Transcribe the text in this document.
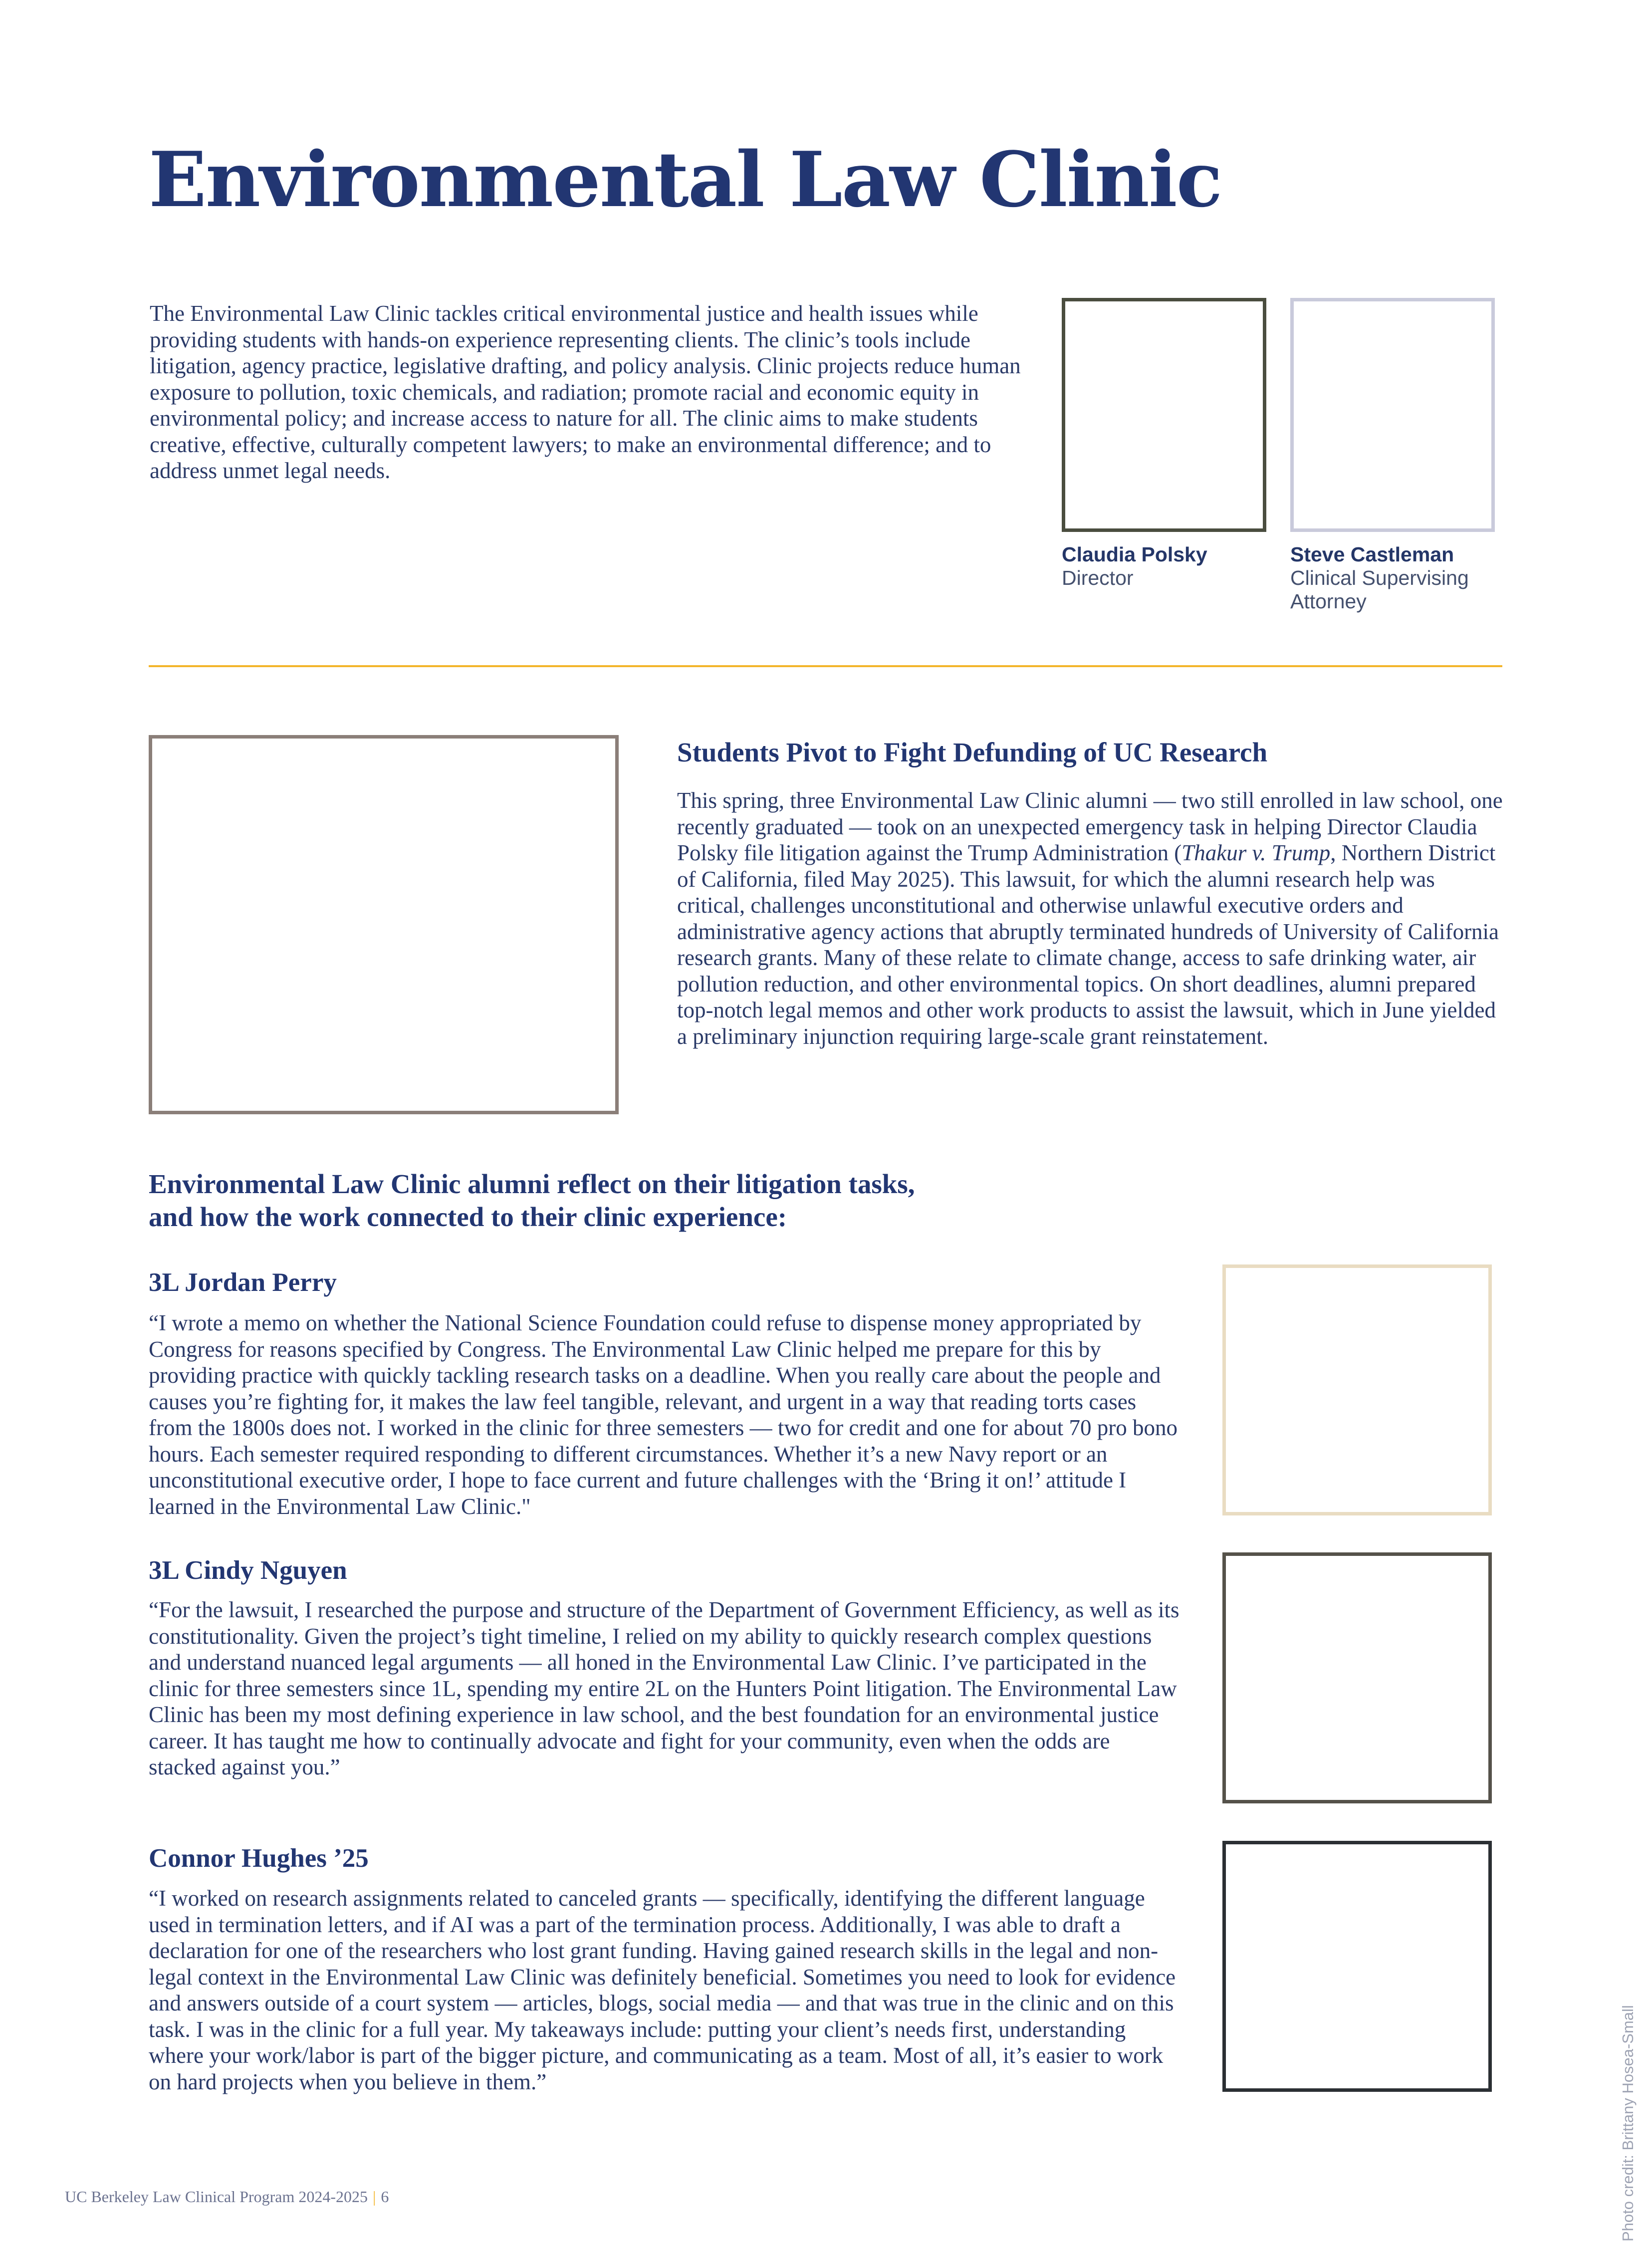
Environmental Law Clinic

The Environmental Law Clinic tackles critical environmental justice and health issues while providing students with hands-on experience representing clients. The clinic’s tools include litigation, agency practice, legislative drafting, and policy analysis. Clinic projects reduce human exposure to pollution, toxic chemicals, and radiation; promote racial and economic equity in environmental policy; and increase access to nature for all. The clinic aims to make students creative, effective, culturally competent lawyers; to make an environmental difference; and to address unmet legal needs.

Claudia Polsky

Director

Steve Castleman

Clinical Supervising Attorney

Students Pivot to Fight Defunding of UC Research

This spring, three Environmental Law Clinic alumni — two still enrolled in law school, one recently graduated — took on an unexpected emergency task in helping Director Claudia Polsky file litigation against the Trump Administration (Thakur v. Trump, Northern District of California, filed May 2025). This lawsuit, for which the alumni research help was critical, challenges unconstitutional and otherwise unlawful executive orders and administrative agency actions that abruptly terminated hundreds of University of California research grants. Many of these relate to climate change, access to safe drinking water, air pollution reduction, and other environmental topics. On short deadlines, alumni prepared top-notch legal memos and other work products to assist the lawsuit, which in June yielded a preliminary injunction requiring large-scale grant reinstatement.

Environmental Law Clinic alumni reflect on their litigation tasks,

and how the work connected to their clinic experience:

3L Jordan Perry

“I wrote a memo on whether the National Science Foundation could refuse to dispense money appropriated by Congress for reasons specified by Congress. The Environmental Law Clinic helped me prepare for this by providing practice with quickly tackling research tasks on a deadline. When you really care about the people and causes you’re fighting for, it makes the law feel tangible, relevant, and urgent in a way that reading torts cases from the 1800s does not. I worked in the clinic for three semesters — two for credit and one for about 70 pro bono hours. Each semester required responding to different circumstances. Whether it’s a new Navy report or an unconstitutional executive order, I hope to face current and future challenges with the ‘Bring it on!’ attitude I learned in the Environmental Law Clinic."

3L Cindy Nguyen

“For the lawsuit, I researched the purpose and structure of the Department of Government Efficiency, as well as its constitutionality. Given the project’s tight timeline, I relied on my ability to quickly research complex questions and understand nuanced legal arguments — all honed in the Environmental Law Clinic. I’ve participated in the clinic for three semesters since 1L, spending my entire 2L on the Hunters Point litigation. The Environmental Law Clinic has been my most defining experience in law school, and the best foundation for an environmental justice career. It has taught me how to continually advocate and fight for your community, even when the odds are stacked against you.”

Connor Hughes ’25

“I worked on research assignments related to canceled grants — specifically, identifying the different language used in termination letters, and if AI was a part of the termination process. Additionally, I was able to draft a declaration for one of the researchers who lost grant funding. Having gained research skills in the legal and non-legal context in the Environmental Law Clinic was definitely beneficial. Sometimes you need to look for evidence and answers outside of a court system — articles, blogs, social media — and that was true in the clinic and on this task. I was in the clinic for a full year. My takeaways include: putting your client’s needs first, understanding where your work/labor is part of the bigger picture, and communicating as a team. Most of all, it’s easier to work on hard projects when you believe in them.”

UC Berkeley Law Clinical Program 2024-2025 | 6	Photo credit: Brittany Hosea-Small
